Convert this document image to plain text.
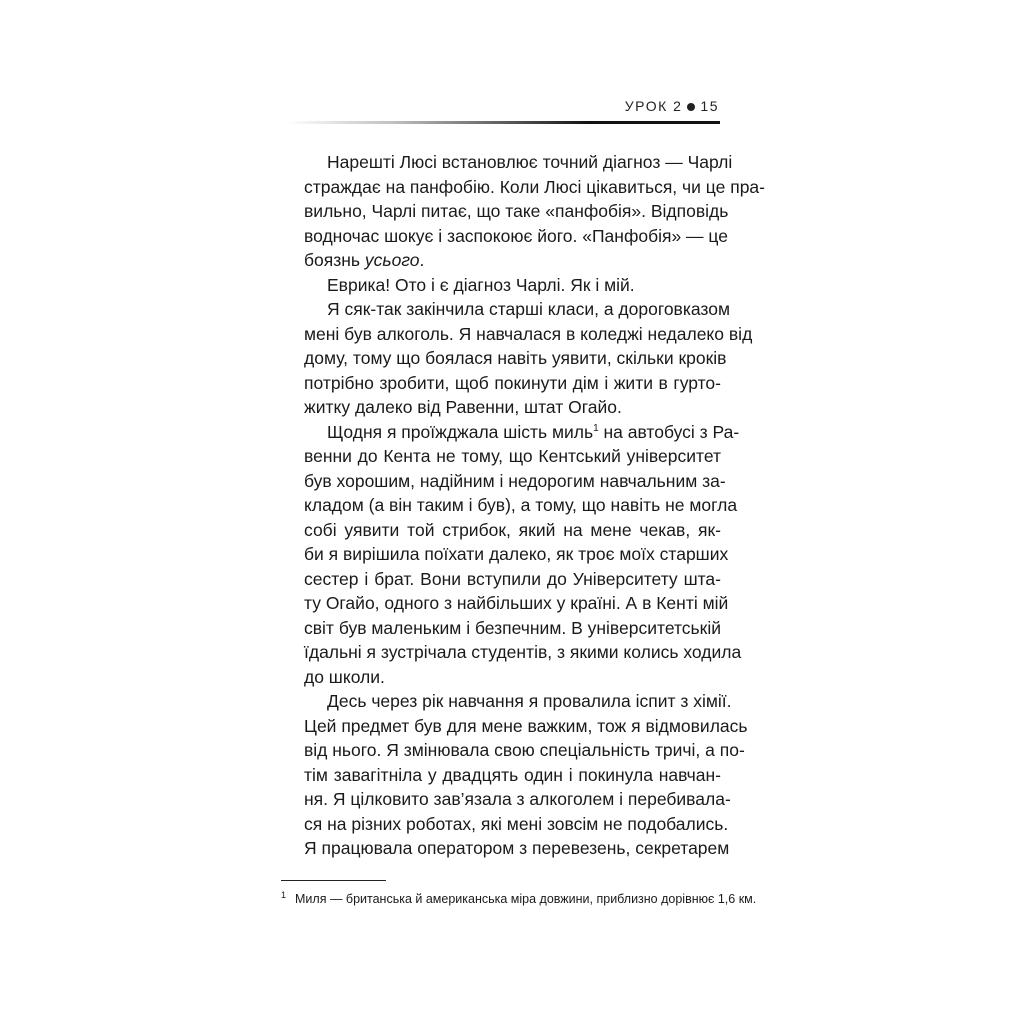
УРОК 2 15

Нарешті Люсі встановлює точний діагноз — Чарлі
страждає на панфобію. Коли Люсі цікавиться, чи це пра-
вильно, Чарлі питає, що таке «панфобія». Відповідь
водночас шокує і заспокоює його. «Панфобія» — це
боязнь усього.

Еврика! Ото і є діагноз Чарлі. Як і мій.

Я сяк-так закінчила старші класи, а дороговказом
мені був алкоголь. Я навчалася в коледжі недалеко від
дому, тому що боялася навіть уявити, скільки кроків
потрібно зробити, щоб покинути дім і жити в гурто-
житку далеко від Равенни, штат Огайо.

Щодня я проїжджала шість миль$^1$ на автобусі з Ра-
венни до Кента не тому, що Кентський університет
був хорошим, надійним і недорогим навчальним за-
кладом (а він таким і був), а тому, що навіть не могла
собі уявити той стрибок, який на мене чекав, як-
би я вирішила поїхати далеко, як троє моїх старших
сестер і брат. Вони вступили до Університету шта-
ту Огайо, одного з найбільших у країні. А в Кенті мій
світ був маленьким і безпечним. В університетській
їдальні я зустрічала студентів, з якими колись ходила
до школи.

Десь через рік навчання я провалила іспит з хімії.
Цей предмет був для мене важким, тож я відмовилась
від нього. Я змінювала свою спеціальність тричі, а по-
тім завагітніла у двадцять один і покинула навчан-
ня. Я цілковито зав’язала з алкоголем і перебивала-
ся на різних роботах, які мені зовсім не подобались.
Я працювала оператором з перевезень, секретарем

$^1$ Миля — британська й американська міра довжини, приблизно дорівнює 1,6 км.
